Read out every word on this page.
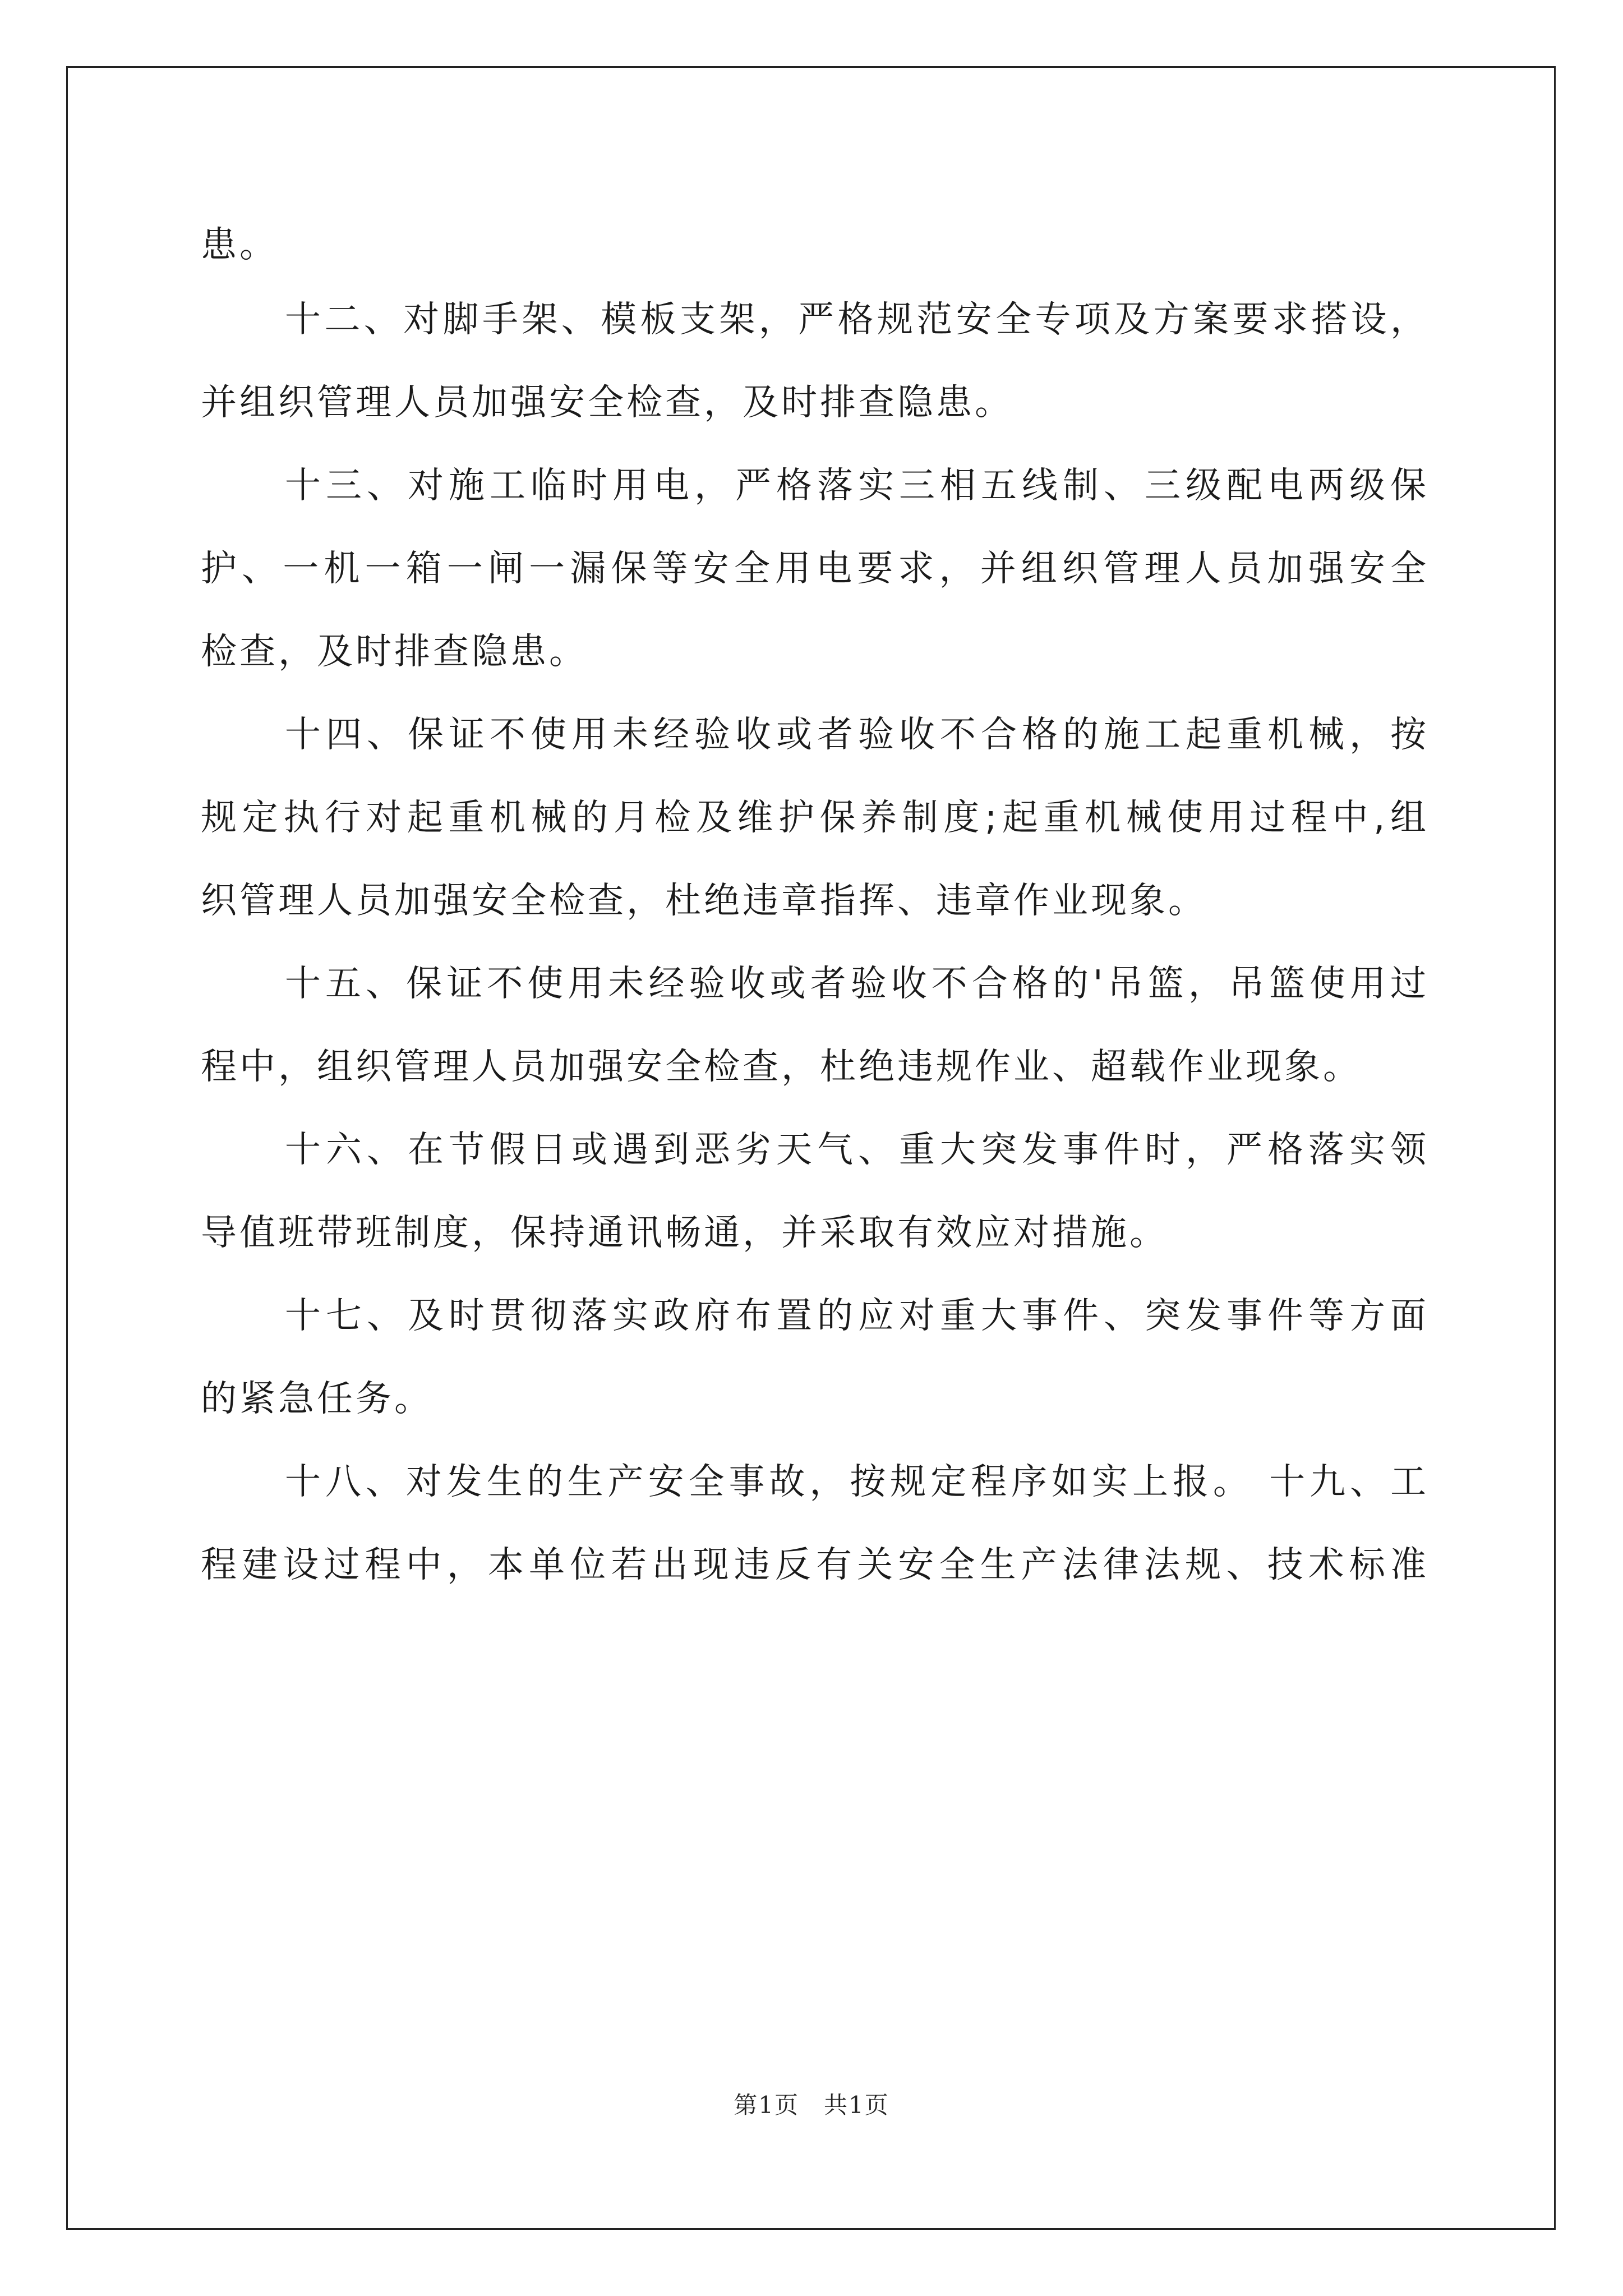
患。
十二、对脚手架、模板支架，严格规范安全专项及方案要求搭设，
并组织管理人员加强安全检查，及时排查隐患。
十三、对施工临时用电，严格落实三相五线制、三级配电两级保
护、一机一箱一闸一漏保等安全用电要求，并组织管理人员加强安全
检查，及时排查隐患。
十四、保证不使用未经验收或者验收不合格的施工起重机械，按
规定执行对起重机械的月检及维护保养制度;起重机械使用过程中,组
织管理人员加强安全检查，杜绝违章指挥、违章作业现象。
十五、保证不使用未经验收或者验收不合格的'吊篮，吊篮使用过
程中，组织管理人员加强安全检查，杜绝违规作业、超载作业现象。
十六、在节假日或遇到恶劣天气、重大突发事件时，严格落实领
导值班带班制度，保持通讯畅通，并采取有效应对措施。
十七、及时贯彻落实政府布置的应对重大事件、突发事件等方面
的紧急任务。
十八、对发生的生产安全事故，按规定程序如实上报。 十九、工
程建设过程中，本单位若出现违反有关安全生产法律法规、技术标准
第1页　共1页
